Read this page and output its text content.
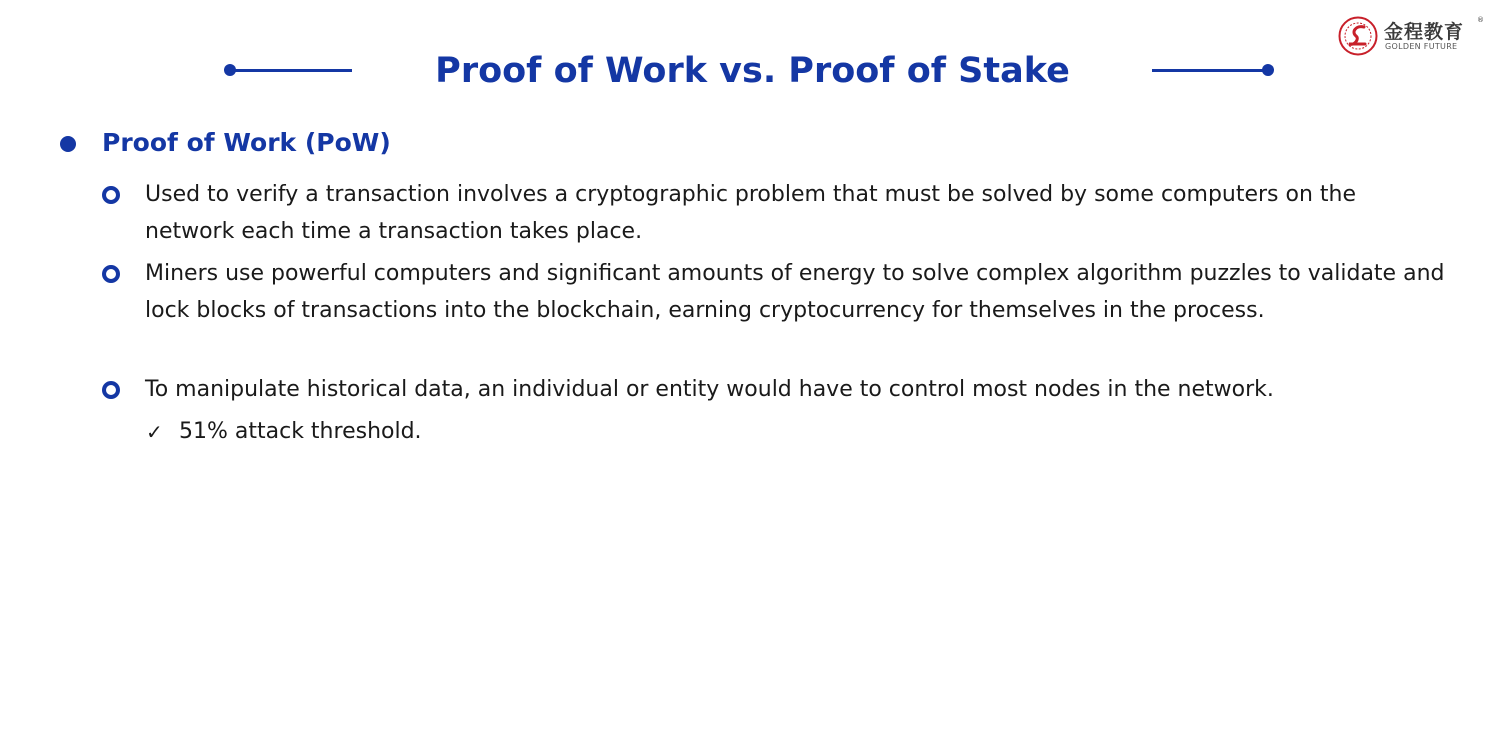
金程教育
®
GOLDEN FUTURE
Proof of Work vs. Proof of Stake
Proof of Work (PoW)
Used to verify a transaction involves a cryptographic problem that must be solved by some computers on the network each time a transaction takes place.
Miners use powerful computers and significant amounts of energy to solve complex algorithm puzzles to validate and lock blocks of transactions into the blockchain, earning cryptocurrency for themselves in the process.
To manipulate historical data, an individual or entity would have to control most nodes in the network.
✓ 51% attack threshold.
